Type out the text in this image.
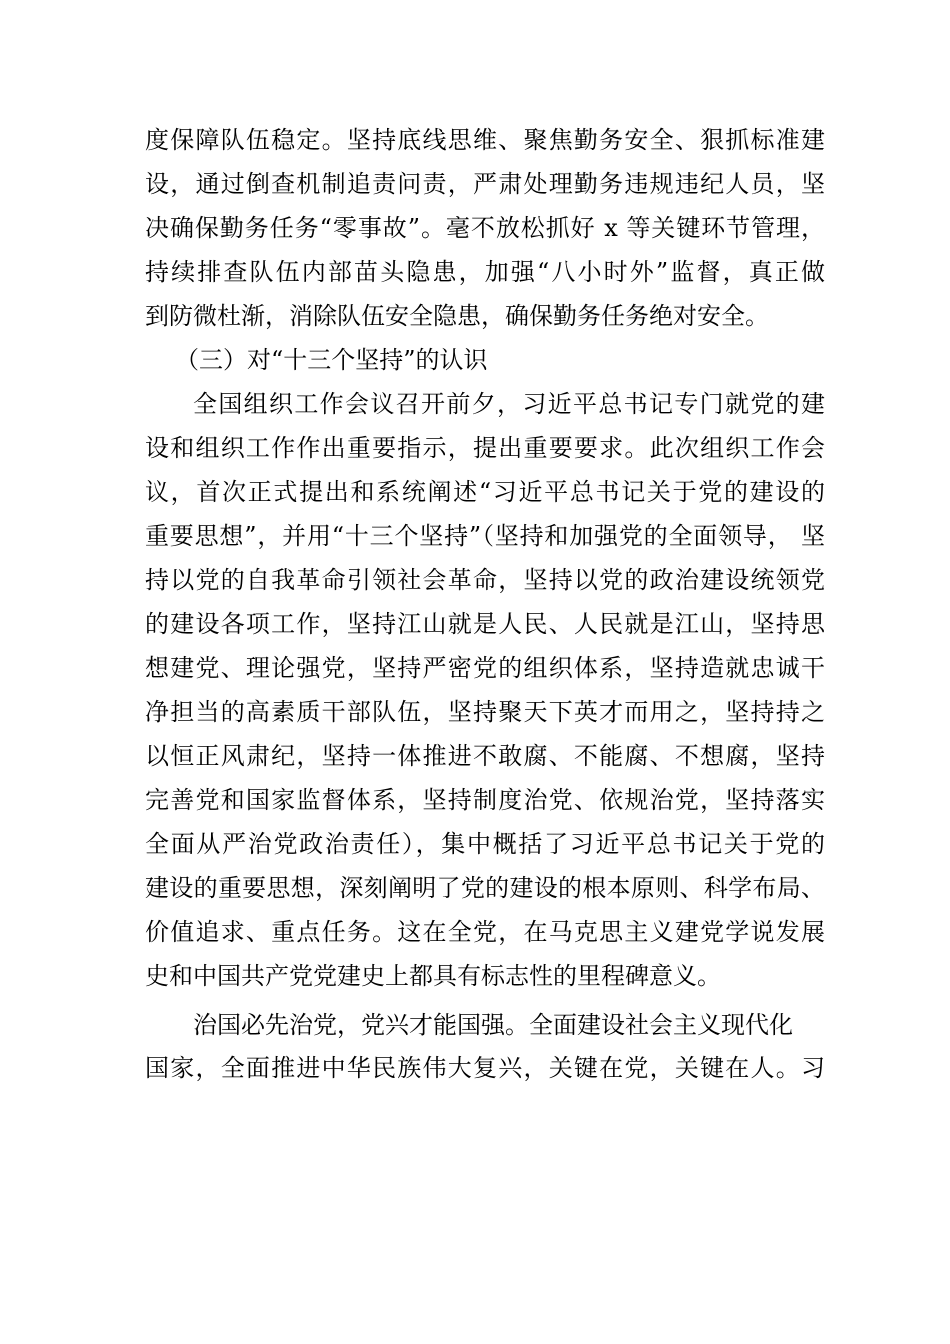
度保障队伍稳定。坚持底线思维、聚焦勤务安全、狠抓标准建
设，通过倒查机制追责问责，严肃处理勤务违规违纪人员，坚
决确保勤务任务“零事故”。毫不放松抓好 x 等关键环节管理，
持续排查队伍内部苗头隐患，加强“八小时外”监督，真正做
到防微杜渐，消除队伍安全隐患，确保勤务任务绝对安全。
（三）对“十三个坚持”的认识
全国组织工作会议召开前夕，习近平总书记专门就党的建
设和组织工作作出重要指示，提出重要要求。此次组织工作会
议，首次正式提出和系统阐述“习近平总书记关于党的建设的
重要思想”，并用“十三个坚持”（坚持和加强党的全面领导， 坚
持以党的自我革命引领社会革命，坚持以党的政治建设统领党
的建设各项工作，坚持江山就是人民、人民就是江山，坚持思
想建党、理论强党，坚持严密党的组织体系，坚持造就忠诚干
净担当的高素质干部队伍，坚持聚天下英才而用之，坚持持之
以恒正风肃纪，坚持一体推进不敢腐、不能腐、不想腐，坚持
完善党和国家监督体系，坚持制度治党、依规治党，坚持落实
全面从严治党政治责任），集中概括了习近平总书记关于党的
建设的重要思想，深刻阐明了党的建设的根本原则、科学布局、
价值追求、重点任务。这在全党，在马克思主义建党学说发展
史和中国共产党党建史上都具有标志性的里程碑意义。
治国必先治党，党兴才能国强。全面建设社会主义现代化
国家，全面推进中华民族伟大复兴，关键在党，关键在人。习
